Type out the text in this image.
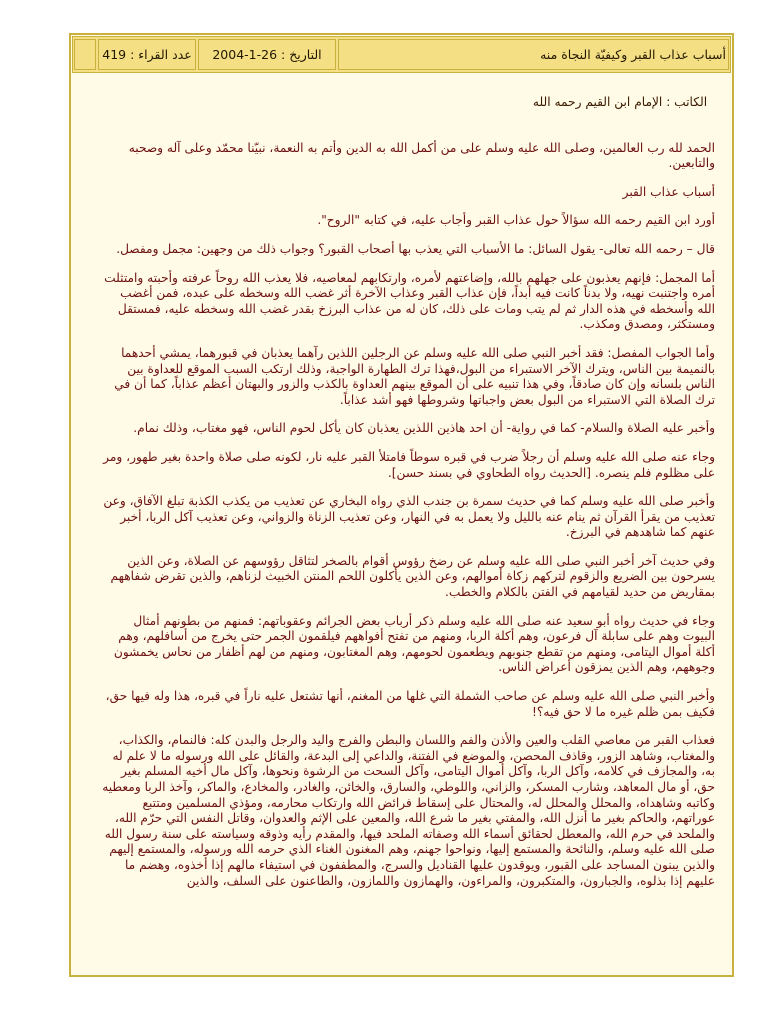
عدد القراء : 419	التاريخ : 26-1-2004	أسباب عذاب القبر وكيفيّة النجاة منه
الكاتب : الإمام ابن القيم رحمه الله

الحمد لله رب العالمين، وصلى الله عليه وسلم على من أكمل الله به الدين وأتم به النعمة، نبيّنا محمّد وعلى آله وصحبه والتابعين.

أسباب عذاب القبر

أورد ابن القيم رحمه الله سؤالاً حول عذاب القبر وأجاب عليه، في كتابه "الروح".

قال – رحمه الله تعالى- يقول السائل: ما الأسباب التي يعذب بها أصحاب القبور؟ وجواب ذلك من وجهين: مجمل ومفصل.

أما المجمل: فإنهم يعذبون على جهلهم بالله، وإضاعتهم لأمره، وارتكابهم لمعاصيه، فلا يعذب الله روحاً عرفته وأحبته وامتثلت أمره واجتنبت نهيه، ولا بدناً كانت فيه أبداً، فإن عذاب القبر وعذاب الآخرة أثر غضب الله وسخطه على عبده، فمن أغضب الله وأسخطه في هذه الدار ثم لم يتب ومات على ذلك، كان له من عذاب البرزخ بقدر غضب الله وسخطه عليه، فمستقل ومستكثر، ومصدق ومكذب.

وأما الجواب المفصل: فقد أخبر النبي صلى الله عليه وسلم عن الرجلين اللذين رآهما يعذبان في قبورهما، يمشي أحدهما بالنميمة بين الناس، ويترك الآخر الاستبراء من البول،فهذا ترك الطهارة الواجبة، وذلك ارتكب السبب الموقع للعداوة بين الناس بلسانه وإن كان صادقاً، وفي هذا تنبيه على أن الموقع بينهم العداوة بالكذب والزور والبهتان أعظم عذاباً، كما أن في ترك الصلاة التي الاستبراء من البول بعض واجباتها وشروطها فهو أشد عذاباً.

وأخبر عليه الصلاة والسلام- كما في رواية- أن احد هاذين اللذين يعذبان كان يأكل لحوم الناس، فهو مغتاب، وذلك نمام.

وجاء عنه صلى الله عليه وسلم أن رجلاً ضرب في قبره سوطاً فامتلأ القبر عليه نار، لكونه صلى صلاة واحدة بغير طهور، ومر على مظلوم فلم ينصره. [الحديث رواه الطحاوي في بسند حسن].

وأخبر صلى الله عليه وسلم كما في حديث سمرة بن جندب الذي رواه البخاري عن تعذيب من يكذب الكذبة تبلغ الآفاق، وعن تعذيب من يقرأ القرآن ثم ينام عنه بالليل ولا يعمل به في النهار، وعن تعذيب الزناة والزواني، وعن تعذيب آكل الربا، أخبر عنهم كما شاهدهم في البرزخ.

وفي حديث آخر أخبر النبي صلى الله عليه وسلم عن رضخ رؤوس أقوام بالصخر لتثاقل رؤوسهم عن الصلاة، وعن الذين يسرحون بين الضريع والزقوم لتركهم زكاة أموالهم، وعن الذين يأكلون اللحم المنتن الخبيث لزناهم، والذين تقرض شفاههم بمقاريض من حديد لقيامهم في الفتن بالكلام والخطب.

وجاء في حديث رواه أبو سعيد عنه صلى الله عليه وسلم ذكر أرباب بعض الجرائم وعقوباتهم: فمنهم من بطونهم أمثال البيوت وهم على سابلة آل فرعون، وهم أكلة الربا، ومنهم من تفتح أفواههم فيلقمون الجمر حتى يخرج من أسافلهم، وهم أكلة أموال اليتامى، ومنهم من تقطع جنوبهم ويطعمون لحومهم، وهم المغتابون، ومنهم من لهم أظفار من نحاس يخمشون وجوههم، وهم الذين يمزقون أعراض الناس.

وأخبر النبي صلى الله عليه وسلم عن صاحب الشملة التي غلها من المغنم، أنها تشتعل عليه ناراً في قبره، هذا وله فيها حق، فكيف بمن ظلم غيره ما لا حق فيه؟!

فعذاب القبر من معاصي القلب والعين والأذن والفم واللسان والبطن والفرج واليد والرجل والبدن كله: فالنمام، والكذاب، والمغتاب، وشاهد الزور، وقاذف المحصن، والموضع في الفتنة، والداعي إلى البدعة، والقائل على الله ورسوله ما لا علم له به، والمجازف في كلامه، وآكل الربا، وآكل أموال اليتامى، وآكل السحت من الرشوة ونحوها، وآكل مال أخيه المسلم بغير حق، أو مال المعاهد، وشارب المسكر، والزاني، واللوطي، والسارق، والخائن، والغادر، والمخادع، والماكر، وآخذ الربا ومعطيه وكاتبه وشاهداه، والمحلل والمحلل له، والمحتال على إسقاط فرائض الله وارتكاب محارمه، ومؤذي المسلمين ومتتبع عوراتهم، والحاكم بغير ما أنزل الله، والمفتي بغير ما شرع الله، والمعين على الإثم والعدوان، وقاتل النفس التي حرّم الله، والملحد في حرم الله، والمعطل لحقائق أسماء الله وصفاته الملحد فيها، والمقدم رأيه وذوقه وسياسته على سنة رسول الله صلى الله عليه وسلم، والنائحة والمستمع إليها، ونواحوا جهنم، وهم المغنون الغناء الذي حرمه الله ورسوله، والمستمع إليهم والذين يبنون المساجد على القبور، ويوقدون عليها القناديل والسرج، والمطففون في استيفاء مالهم إذا أخذوه، وهضم ما عليهم إذا بذلوه، والجبارون، والمتكبرون، والمراءون، والهمازون واللمازون، والطاعنون على السلف، والذين
